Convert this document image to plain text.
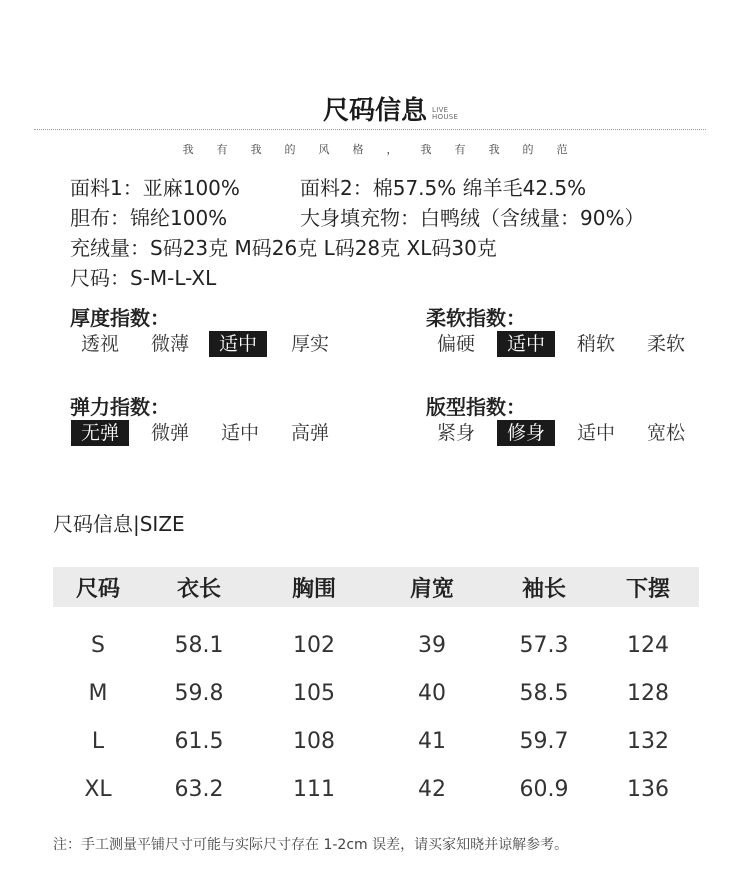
尺码信息 LIVE
HOUSE
我有我的风格，我有我的范
面料1：亚麻100%	面料2：棉57.5% 绵羊毛42.5%
胆布：锦纶100%	大身填充物：白鸭绒（含绒量：90%）
充绒量：S码23克 M码26克 L码28克 XL码30克
尺码：S-M-L-XL
厚度指数：
透视	微薄	适中	厚实
柔软指数：
偏硬	适中	稍软	柔软
弹力指数：
无弹	微弹	适中	高弹
版型指数：
紧身	修身	适中	宽松
尺码信息|SIZE
尺码	衣长	胸围	肩宽	袖长	下摆
S	58.1	102	39	57.3	124
M	59.8	105	40	58.5	128
L	61.5	108	41	59.7	132
XL	63.2	111	42	60.9	136
注：手工测量平铺尺寸可能与实际尺寸存在 1-2cm 误差，请买家知晓并谅解参考。
